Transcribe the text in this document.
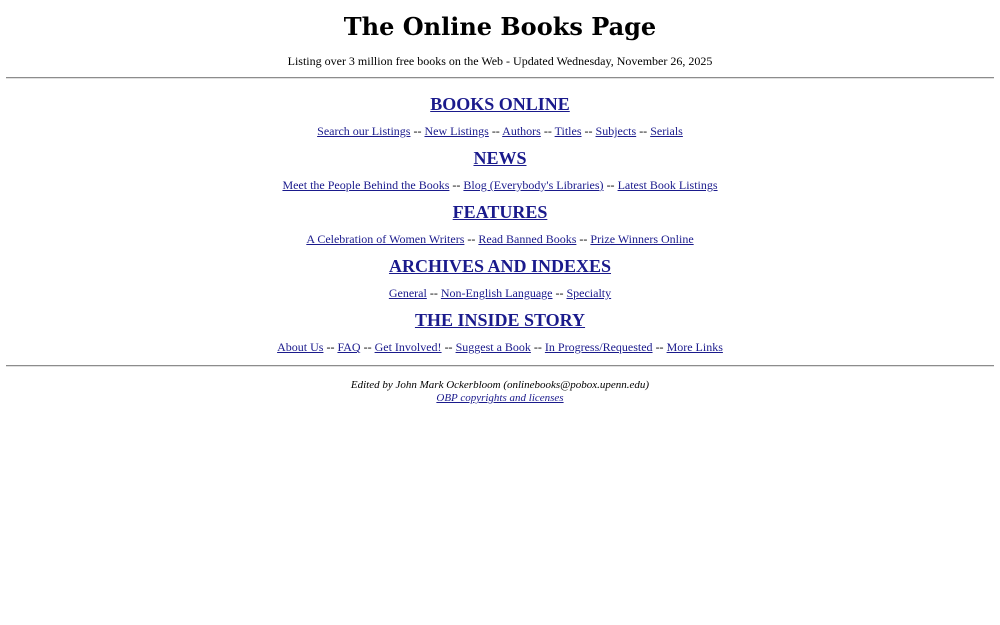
The Online Books Page

Listing over 3 million free books on the Web - Updated Wednesday, November 26, 2025

BOOKS ONLINE

Search our Listings -- New Listings -- Authors -- Titles -- Subjects -- Serials

NEWS

Meet the People Behind the Books -- Blog (Everybody's Libraries) -- Latest Book Listings

FEATURES

A Celebration of Women Writers -- Read Banned Books -- Prize Winners Online

ARCHIVES AND INDEXES

General -- Non-English Language -- Specialty

THE INSIDE STORY

About Us -- FAQ -- Get Involved! -- Suggest a Book -- In Progress/Requested -- More Links

Edited by John Mark Ockerbloom (onlinebooks@pobox.upenn.edu)
OBP copyrights and licenses
